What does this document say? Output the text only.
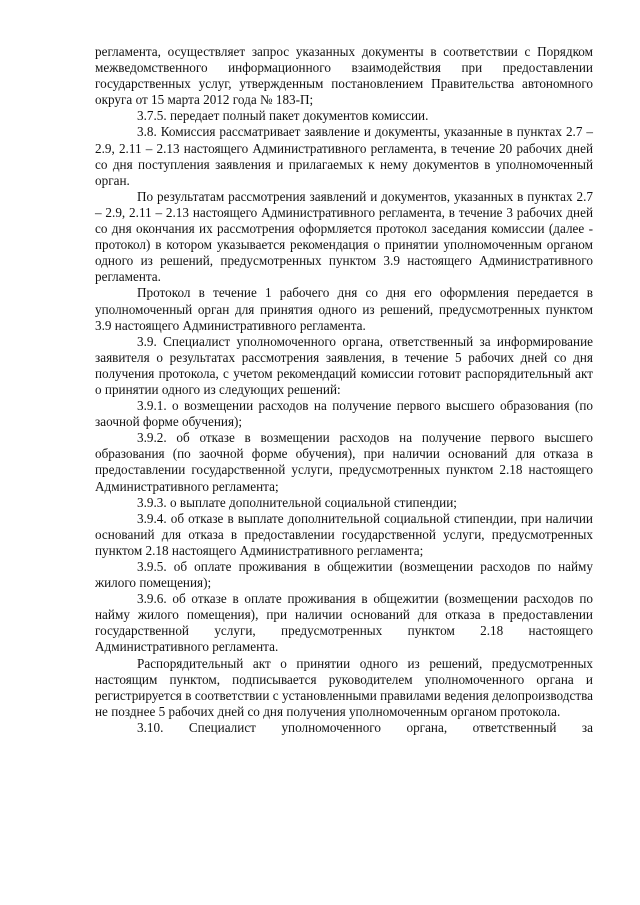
регламента, осуществляет запрос указанных документы в соответствии с Порядком межведомственного информационного взаимодействия при предоставлении государственных услуг, утвержденным постановлением Правительства автономного округа от 15 марта 2012 года № 183-П;

3.7.5. передает полный пакет документов комиссии.

3.8. Комиссия рассматривает заявление и документы, указанные в пунктах 2.7 – 2.9, 2.11 – 2.13 настоящего Административного регламента, в течение 20 рабочих дней со дня поступления заявления и прилагаемых к нему документов в уполномоченный орган.

По результатам рассмотрения заявлений и документов, указанных в пунктах 2.7 – 2.9, 2.11 – 2.13 настоящего Административного регламента, в течение 3 рабочих дней со дня окончания их рассмотрения оформляется протокол заседания комиссии (далее - протокол) в котором указывается рекомендация о принятии уполномоченным органом одного из решений, предусмотренных пунктом 3.9 настоящего Административного регламента.

Протокол в течение 1 рабочего дня со дня его оформления передается в уполномоченный орган для принятия одного из решений, предусмотренных пунктом 3.9 настоящего Административного регламента.

3.9. Специалист уполномоченного органа, ответственный за информирование заявителя о результатах рассмотрения заявления, в течение 5 рабочих дней со дня получения протокола, с учетом рекомендаций комиссии готовит распорядительный акт о принятии одного из следующих решений:

3.9.1. о возмещении расходов на получение первого высшего образования (по заочной форме обучения);

3.9.2. об отказе в возмещении расходов на получение первого высшего образования (по заочной форме обучения), при наличии оснований для отказа в предоставлении государственной услуги, предусмотренных пунктом 2.18 настоящего Административного регламента;

3.9.3. о выплате дополнительной социальной стипендии;

3.9.4. об отказе в выплате дополнительной социальной стипендии, при наличии оснований для отказа в предоставлении государственной услуги, предусмотренных пунктом 2.18 настоящего Административного регламента;

3.9.5. об оплате проживания в общежитии (возмещении расходов по найму жилого помещения);

3.9.6. об отказе в оплате проживания в общежитии (возмещении расходов по найму жилого помещения), при наличии оснований для отказа в предоставлении государственной услуги, предусмотренных пунктом 2.18 настоящего Административного регламента.

Распорядительный акт о принятии одного из решений, предусмотренных настоящим пунктом, подписывается руководителем уполномоченного органа и регистрируется в соответствии с установленными правилами ведения делопроизводства не позднее 5 рабочих дней со дня получения уполномоченным органом протокола.

3.10. Специалист уполномоченного органа, ответственный за
